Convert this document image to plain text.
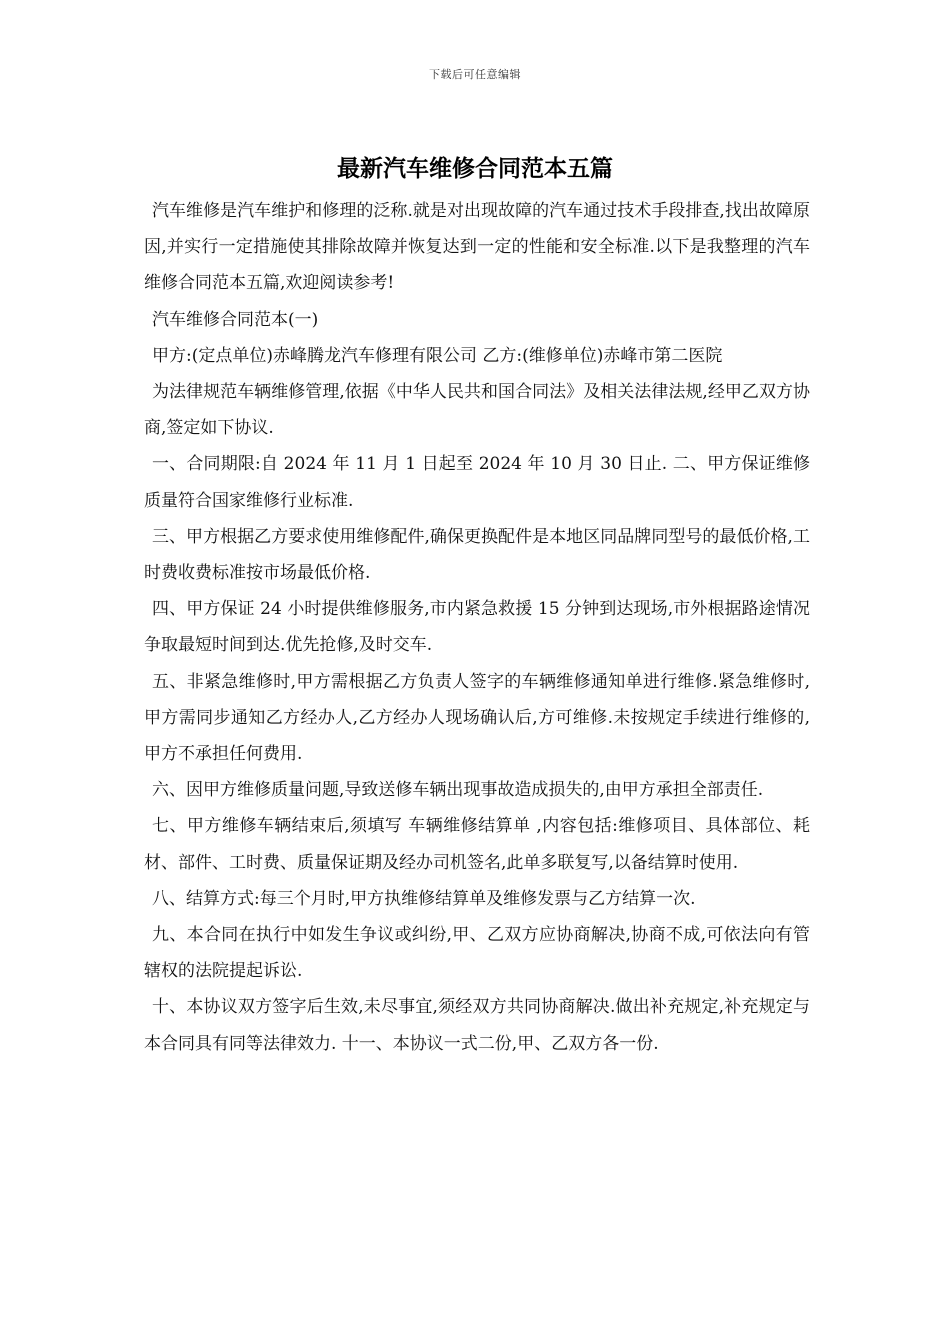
下载后可任意编辑
最新汽车维修合同范本五篇

汽车维修是汽车维护和修理的泛称.就是对出现故障的汽车通过技术手段排查,找出故障原因,并实行一定措施使其排除故障并恢复达到一定的性能和安全标准.以下是我整理的汽车维修合同范本五篇,欢迎阅读参考!

汽车维修合同范本(一)

甲方:(定点单位)赤峰腾龙汽车修理有限公司 乙方:(维修单位)赤峰市第二医院

为法律规范车辆维修管理,依据《中华人民共和国合同法》及相关法律法规,经甲乙双方协商,签定如下协议.

一、合同期限:自 2024 年 11 月 1 日起至 2024 年 10 月 30 日止. 二、甲方保证维修质量符合国家维修行业标准.

三、甲方根据乙方要求使用维修配件,确保更换配件是本地区同品牌同型号的最低价格,工时费收费标准按市场最低价格.

四、甲方保证 24 小时提供维修服务,市内紧急救援 15 分钟到达现场,市外根据路途情况争取最短时间到达.优先抢修,及时交车.

五、非紧急维修时,甲方需根据乙方负责人签字的车辆维修通知单进行维修.紧急维修时,甲方需同步通知乙方经办人,乙方经办人现场确认后,方可维修.未按规定手续进行维修的,甲方不承担任何费用.

六、因甲方维修质量问题,导致送修车辆出现事故造成损失的,由甲方承担全部责任.

七、甲方维修车辆结束后,须填写 车辆维修结算单 ,内容包括:维修项目、具体部位、耗材、部件、工时费、质量保证期及经办司机签名,此单多联复写,以备结算时使用.

八、结算方式:每三个月时,甲方执维修结算单及维修发票与乙方结算一次.

九、本合同在执行中如发生争议或纠纷,甲、乙双方应协商解决,协商不成,可依法向有管辖权的法院提起诉讼.

十、本协议双方签字后生效,未尽事宜,须经双方共同协商解决.做出补充规定,补充规定与本合同具有同等法律效力. 十一、本协议一式二份,甲、乙双方各一份.
